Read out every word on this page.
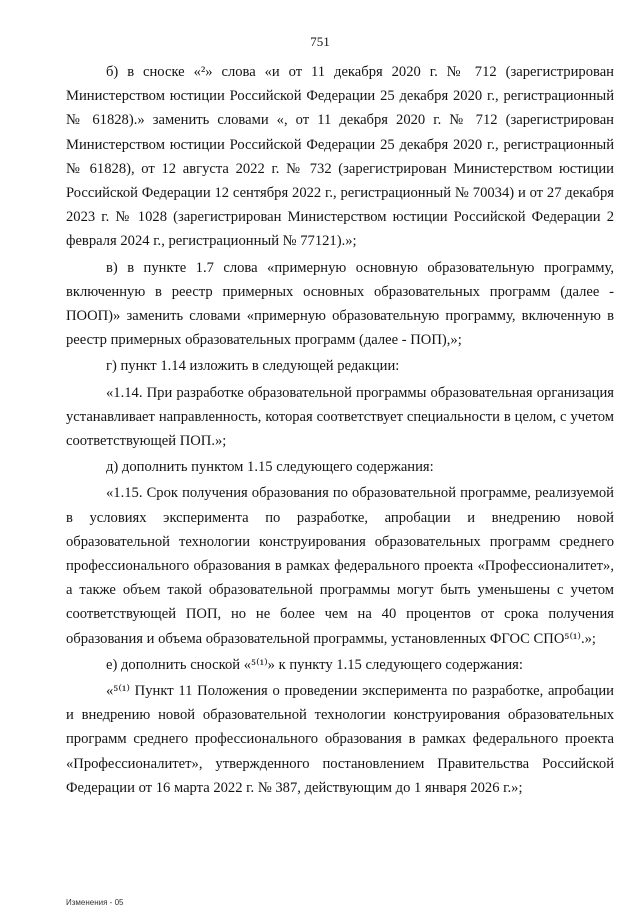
751

б) в сноске «²» слова «и от 11 декабря 2020 г. № 712 (зарегистрирован Министерством юстиции Российской Федерации 25 декабря 2020 г., регистрационный № 61828).» заменить словами «, от 11 декабря 2020 г. № 712 (зарегистрирован Министерством юстиции Российской Федерации 25 декабря 2020 г., регистрационный № 61828), от 12 августа 2022 г. № 732 (зарегистрирован Министерством юстиции Российской Федерации 12 сентября 2022 г., регистрационный № 70034) и от 27 декабря 2023 г. № 1028 (зарегистрирован Министерством юстиции Российской Федерации 2 февраля 2024 г., регистрационный № 77121).»;

в) в пункте 1.7 слова «примерную основную образовательную программу, включенную в реестр примерных основных образовательных программ (далее - ПООП)» заменить словами «примерную образовательную программу, включенную в реестр примерных образовательных программ (далее - ПОП),»;

г) пункт 1.14 изложить в следующей редакции:

«1.14. При разработке образовательной программы образовательная организация устанавливает направленность, которая соответствует специальности в целом, с учетом соответствующей ПОП.»;

д) дополнить пунктом 1.15 следующего содержания:

«1.15. Срок получения образования по образовательной программе, реализуемой в условиях эксперимента по разработке, апробации и внедрению новой образовательной технологии конструирования образовательных программ среднего профессионального образования в рамках федерального проекта «Профессионалитет», а также объем такой образовательной программы могут быть уменьшены с учетом соответствующей ПОП, но не более чем на 40 процентов от срока получения образования и объема образовательной программы, установленных ФГОС СПО⁵⁽¹⁾.»;

е) дополнить сноской «⁵⁽¹⁾» к пункту 1.15 следующего содержания:

«⁵⁽¹⁾ Пункт 11 Положения о проведении эксперимента по разработке, апробации и внедрению новой образовательной технологии конструирования образовательных программ среднего профессионального образования в рамках федерального проекта «Профессионалитет», утвержденного постановлением Правительства Российской Федерации от 16 марта 2022 г. № 387, действующим до 1 января 2026 г.»;

Изменения - 05
